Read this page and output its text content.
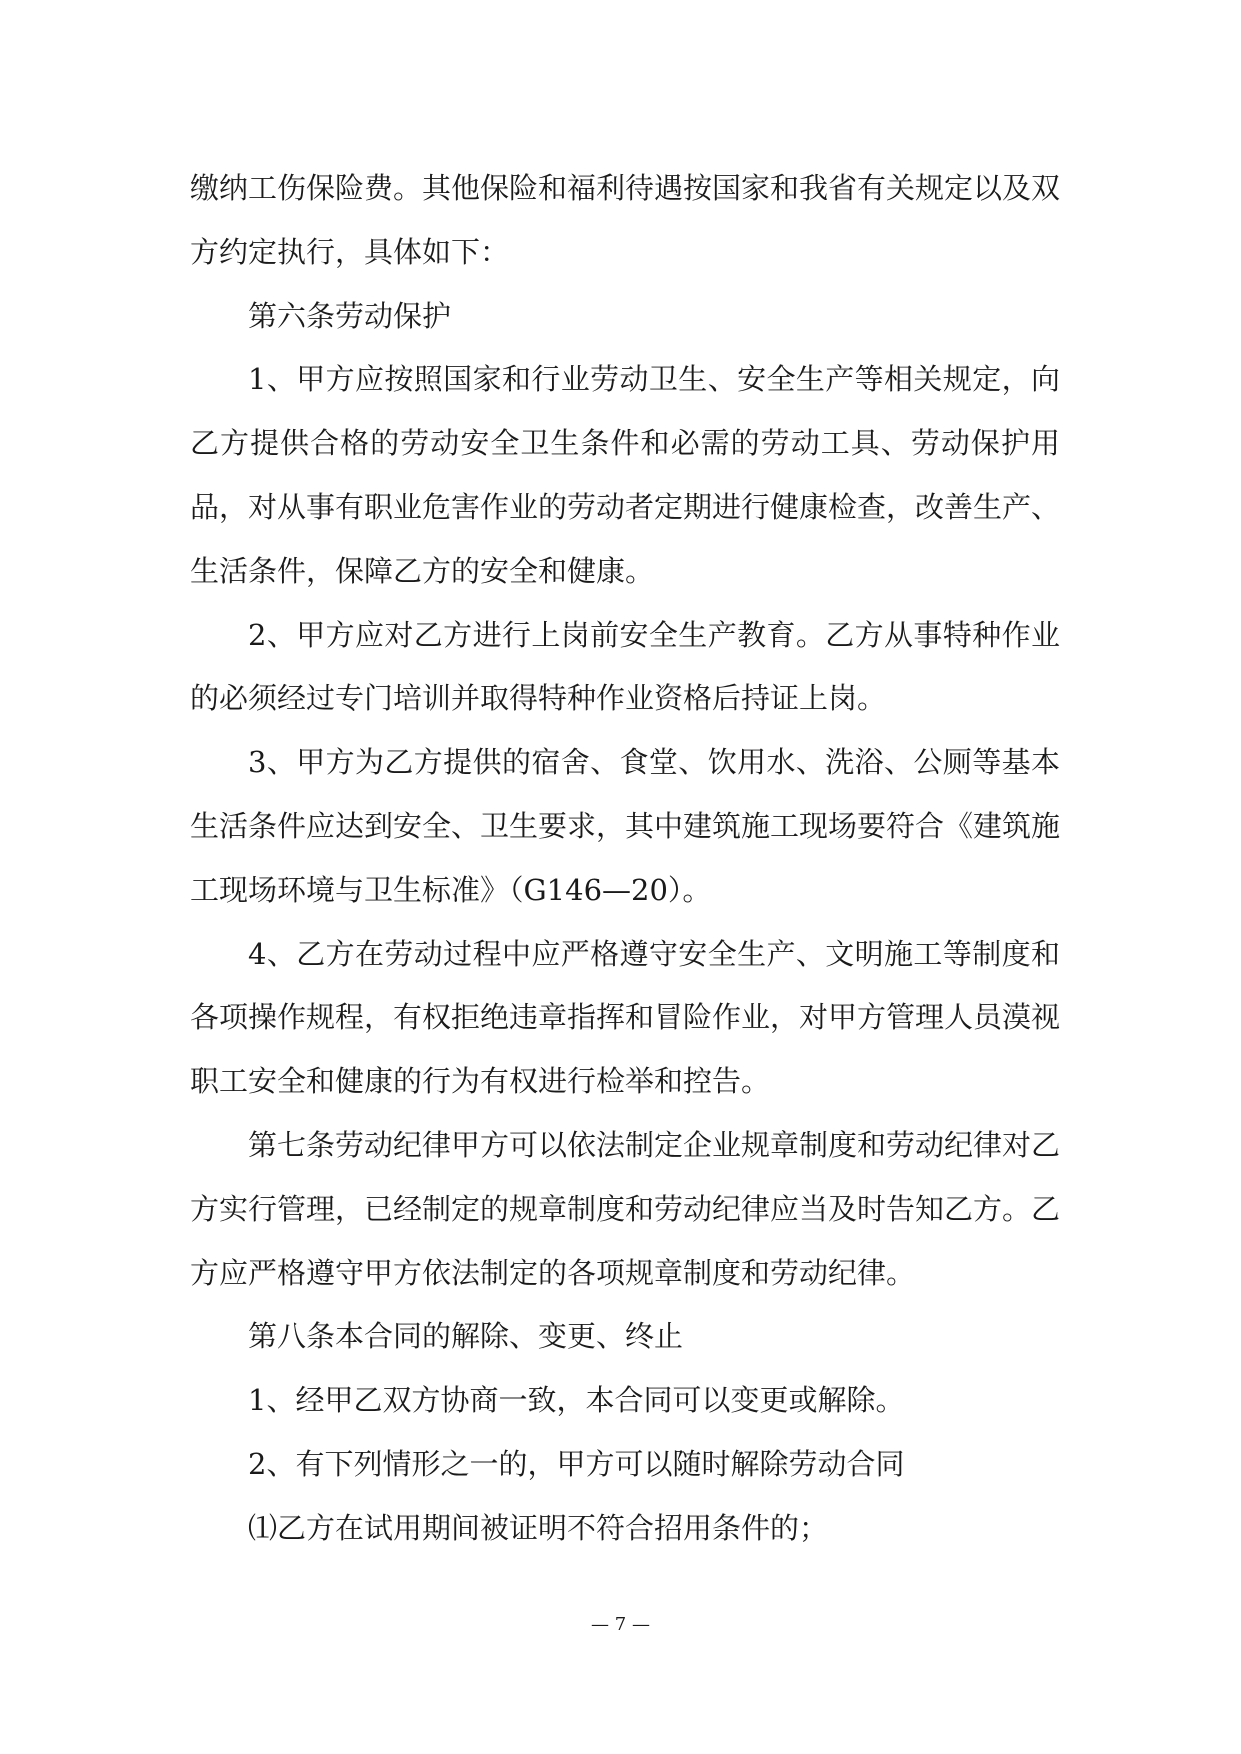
缴纳工伤保险费。其他保险和福利待遇按国家和我省有关规定以及双方约定执行，具体如下：

第六条劳动保护

1、甲方应按照国家和行业劳动卫生、安全生产等相关规定，向乙方提供合格的劳动安全卫生条件和必需的劳动工具、劳动保护用品，对从事有职业危害作业的劳动者定期进行健康检查，改善生产、生活条件，保障乙方的安全和健康。

2、甲方应对乙方进行上岗前安全生产教育。乙方从事特种作业的必须经过专门培训并取得特种作业资格后持证上岗。

3、甲方为乙方提供的宿舍、食堂、饮用水、洗浴、公厕等基本生活条件应达到安全、卫生要求，其中建筑施工现场要符合《建筑施工现场环境与卫生标准》（G146—20）。

4、乙方在劳动过程中应严格遵守安全生产、文明施工等制度和各项操作规程，有权拒绝违章指挥和冒险作业，对甲方管理人员漠视职工安全和健康的行为有权进行检举和控告。

第七条劳动纪律甲方可以依法制定企业规章制度和劳动纪律对乙方实行管理，已经制定的规章制度和劳动纪律应当及时告知乙方。乙方应严格遵守甲方依法制定的各项规章制度和劳动纪律。

第八条本合同的解除、变更、终止

1、经甲乙双方协商一致，本合同可以变更或解除。

2、有下列情形之一的，甲方可以随时解除劳动合同

⑴乙方在试用期间被证明不符合招用条件的；

— 7 —
